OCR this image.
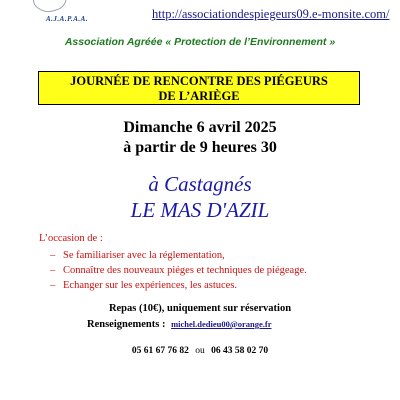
A.J.A.P.A.A.	http://associationdespiegeurs09.e-monsite.com/
Association Agréée « Protection de l’Environnement »
JOURNÉE DE RENCONTRE DES PIÉGEURS
DE L’ARIÈGE
Dimanche 6 avril 2025
à partir de 9 heures 30
à Castagnés
LE MAS D'AZIL
L’occasion de :
– Se familiariser avec la réglementation,
– Connaître des nouveaux piéges et techniques de piégeage.
– Echanger sur les expériences, les astuces.
Repas (10€), uniquement sur réservation
Renseignements : michel.dedieu00@orange.fr
05 61 67 76 82 ou 06 43 58 02 70
